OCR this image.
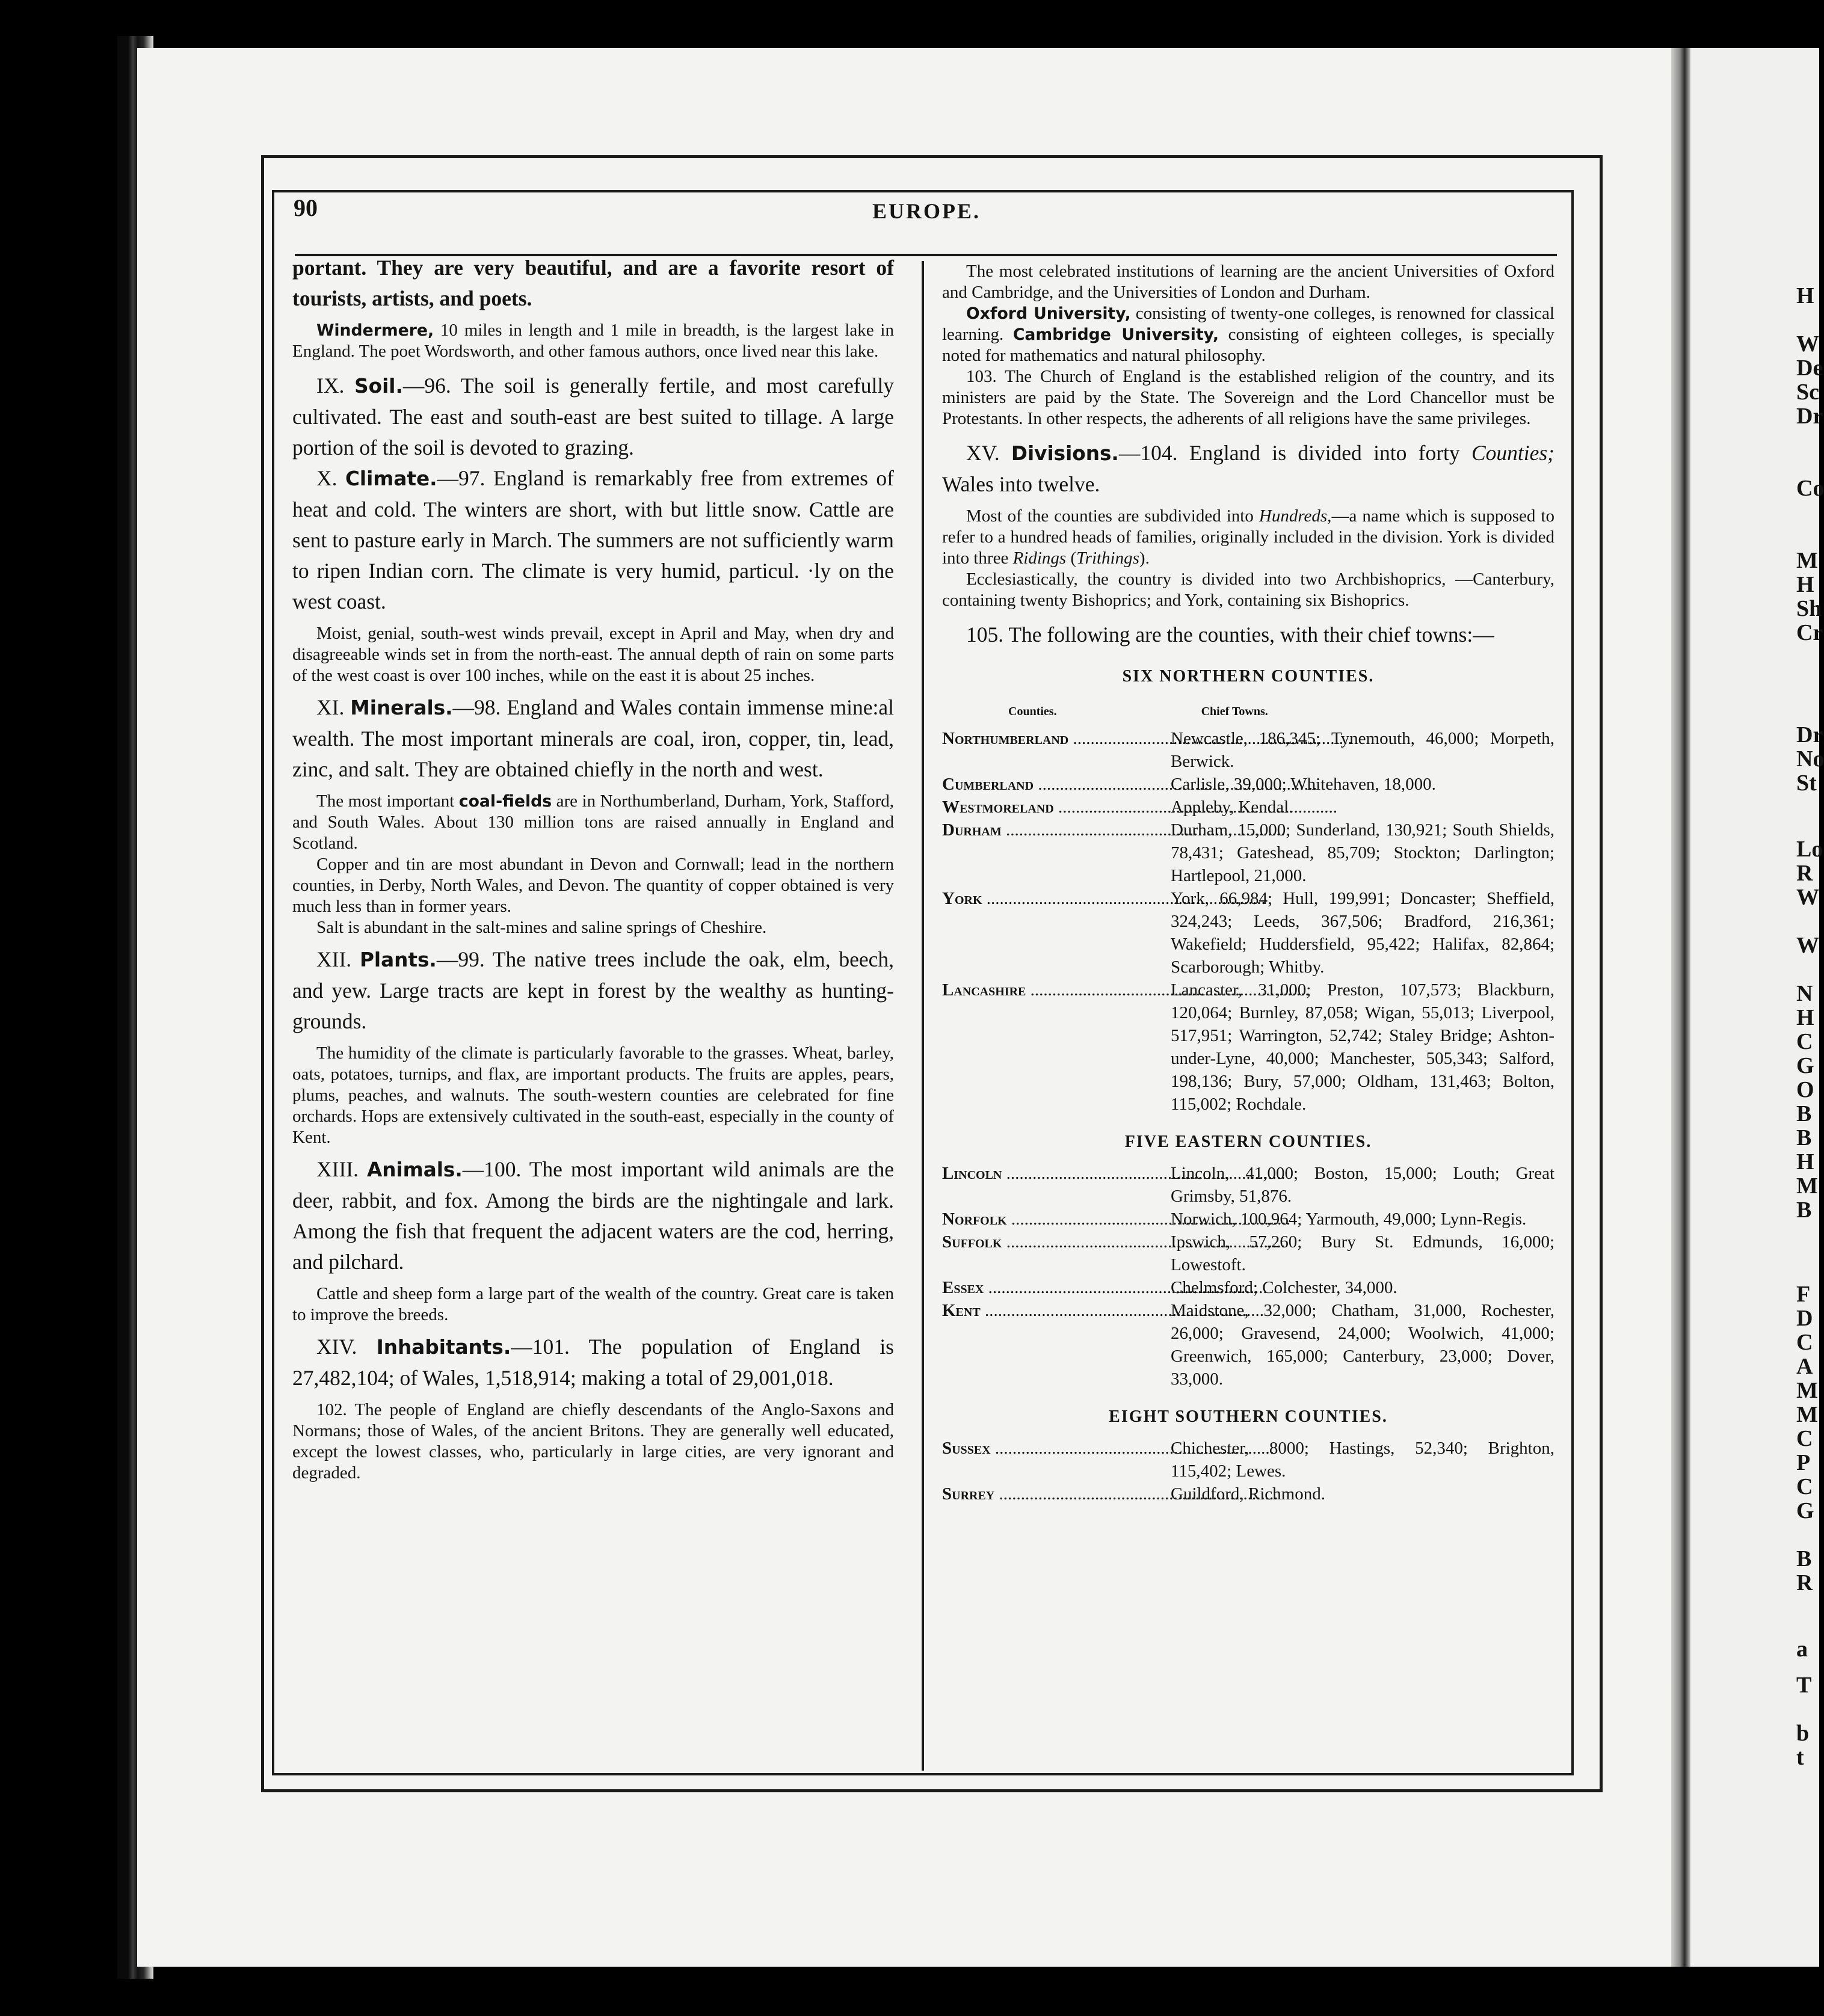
90	EUROPE.

portant. They are very beautiful, and are a favorite resort of tourists, artists, and poets.

Windermere, 10 miles in length and 1 mile in breadth, is the largest lake in England. The poet Wordsworth, and other famous authors, once lived near this lake.

IX. Soil.—96. The soil is generally fertile, and most carefully cultivated. The east and south-east are best suited to tillage. A large portion of the soil is devoted to grazing.

X. Climate.—97. England is remarkably free from extremes of heat and cold. The winters are short, with but little snow. Cattle are sent to pasture early in March. The summers are not sufficiently warm to ripen Indian corn. The climate is very humid, particul. ·ly on the west coast.

Moist, genial, south-west winds prevail, except in April and May, when dry and disagreeable winds set in from the north-east. The annual depth of rain on some parts of the west coast is over 100 inches, while on the east it is about 25 inches.

XI. Minerals.—98. England and Wales contain immense mine:al wealth. The most important minerals are coal, iron, copper, tin, lead, zinc, and salt. They are obtained chiefly in the north and west.

The most important coal-fields are in Northumberland, Durham, York, Stafford, and South Wales. About 130 million tons are raised annually in England and Scotland.

Copper and tin are most abundant in Devon and Cornwall; lead in the northern counties, in Derby, North Wales, and Devon. The quantity of copper obtained is very much less than in former years.

Salt is abundant in the salt-mines and saline springs of Cheshire.

XII. Plants.—99. The native trees include the oak, elm, beech, and yew. Large tracts are kept in forest by the wealthy as hunting-grounds.

The humidity of the climate is particularly favorable to the grasses. Wheat, barley, oats, potatoes, turnips, and flax, are important products. The fruits are apples, pears, plums, peaches, and walnuts. The south-western counties are celebrated for fine orchards. Hops are extensively cultivated in the south-east, especially in the county of Kent.

XIII. Animals.—100. The most important wild animals are the deer, rabbit, and fox. Among the birds are the nightingale and lark. Among the fish that frequent the adjacent waters are the cod, herring, and pilchard.

Cattle and sheep form a large part of the wealth of the country. Great care is taken to improve the breeds.

XIV. Inhabitants.—101. The population of England is 27,482,104; of Wales, 1,518,914; making a total of 29,001,018.

102. The people of England are chiefly descendants of the Anglo-Saxons and Normans; those of Wales, of the ancient Britons. They are generally well educated, except the lowest classes, who, particularly in large cities, are very ignorant and degraded.

The most celebrated institutions of learning are the ancient Universities of Oxford and Cambridge, and the Universities of London and Durham.

Oxford University, consisting of twenty-one colleges, is renowned for classical learning. Cambridge University, consisting of eighteen colleges, is specially noted for mathematics and natural philosophy.

103. The Church of England is the established religion of the country, and its ministers are paid by the State. The Sovereign and the Lord Chancellor must be Protestants. In other respects, the adherents of all religions have the same privileges.

XV. Divisions.—104. England is divided into forty Counties; Wales into twelve.

Most of the counties are subdivided into Hundreds,—a name which is supposed to refer to a hundred heads of families, originally included in the division. York is divided into three Ridings (Trithings).

Ecclesiastically, the country is divided into two Archbishoprics, —Canterbury, containing twenty Bishoprics; and York, containing six Bishoprics.

105. The following are the counties, with their chief towns:—

SIX NORTHERN COUNTIES.

Counties.	Chief Towns.
Northumberland .....	Newcastle, 186,345; Tynemouth, 46,000; Morpeth, Berwick.
Cumberland .....	Carlisle, 39,000; Whitehaven, 18,000.
Westmoreland .....	Appleby, Kendal.
Durham .....	Durham, 15,000; Sunderland, 130,921; South Shields, 78,431; Gateshead, 85,709; Stockton; Darlington; Hartlepool, 21,000.
York .....	York, 66,984; Hull, 199,991; Doncaster; Sheffield, 324,243; Leeds, 367,506; Bradford, 216,361; Wakefield; Huddersfield, 95,422; Halifax, 82,864; Scarborough; Whitby.
Lancashire .....	Lancaster, 31,000; Preston, 107,573; Blackburn, 120,064; Burnley, 87,058; Wigan, 55,013; Liverpool, 517,951; Warrington, 52,742; Staley Bridge; Ashton-under-Lyne, 40,000; Manchester, 505,343; Salford, 198,136; Bury, 57,000; Oldham, 131,463; Bolton, 115,002; Rochdale.

FIVE EASTERN COUNTIES.

Lincoln .....	Lincoln, 41,000; Boston, 15,000; Louth; Great Grimsby, 51,876.
Norfolk .....	Norwich, 100,964; Yarmouth, 49,000; Lynn-Regis.
Suffolk .....	Ipswich, 57,260; Bury St. Edmunds, 16,000; Lowestoft.
Essex .....	Chelmsford; Colchester, 34,000.
Kent .....	Maidstone, 32,000; Chatham, 31,000, Rochester, 26,000; Gravesend, 24,000; Woolwich, 41,000; Greenwich, 165,000; Canterbury, 23,000; Dover, 33,000.

EIGHT SOUTHERN COUNTIES.

Sussex .....	Chichester, 8000; Hastings, 52,340; Brighton, 115,402; Lewes.
Surrey .....	Guildford, Richmond.
H
W
De
Sc
Dr
Co
M
H
Sh
Cr
Dr
No
St
Lo
R
W
W
N
H
C
G
O
B
B
H
M
B
F
D
C
A
M
M
C
P
C
G
B
R
a
T
b
t
